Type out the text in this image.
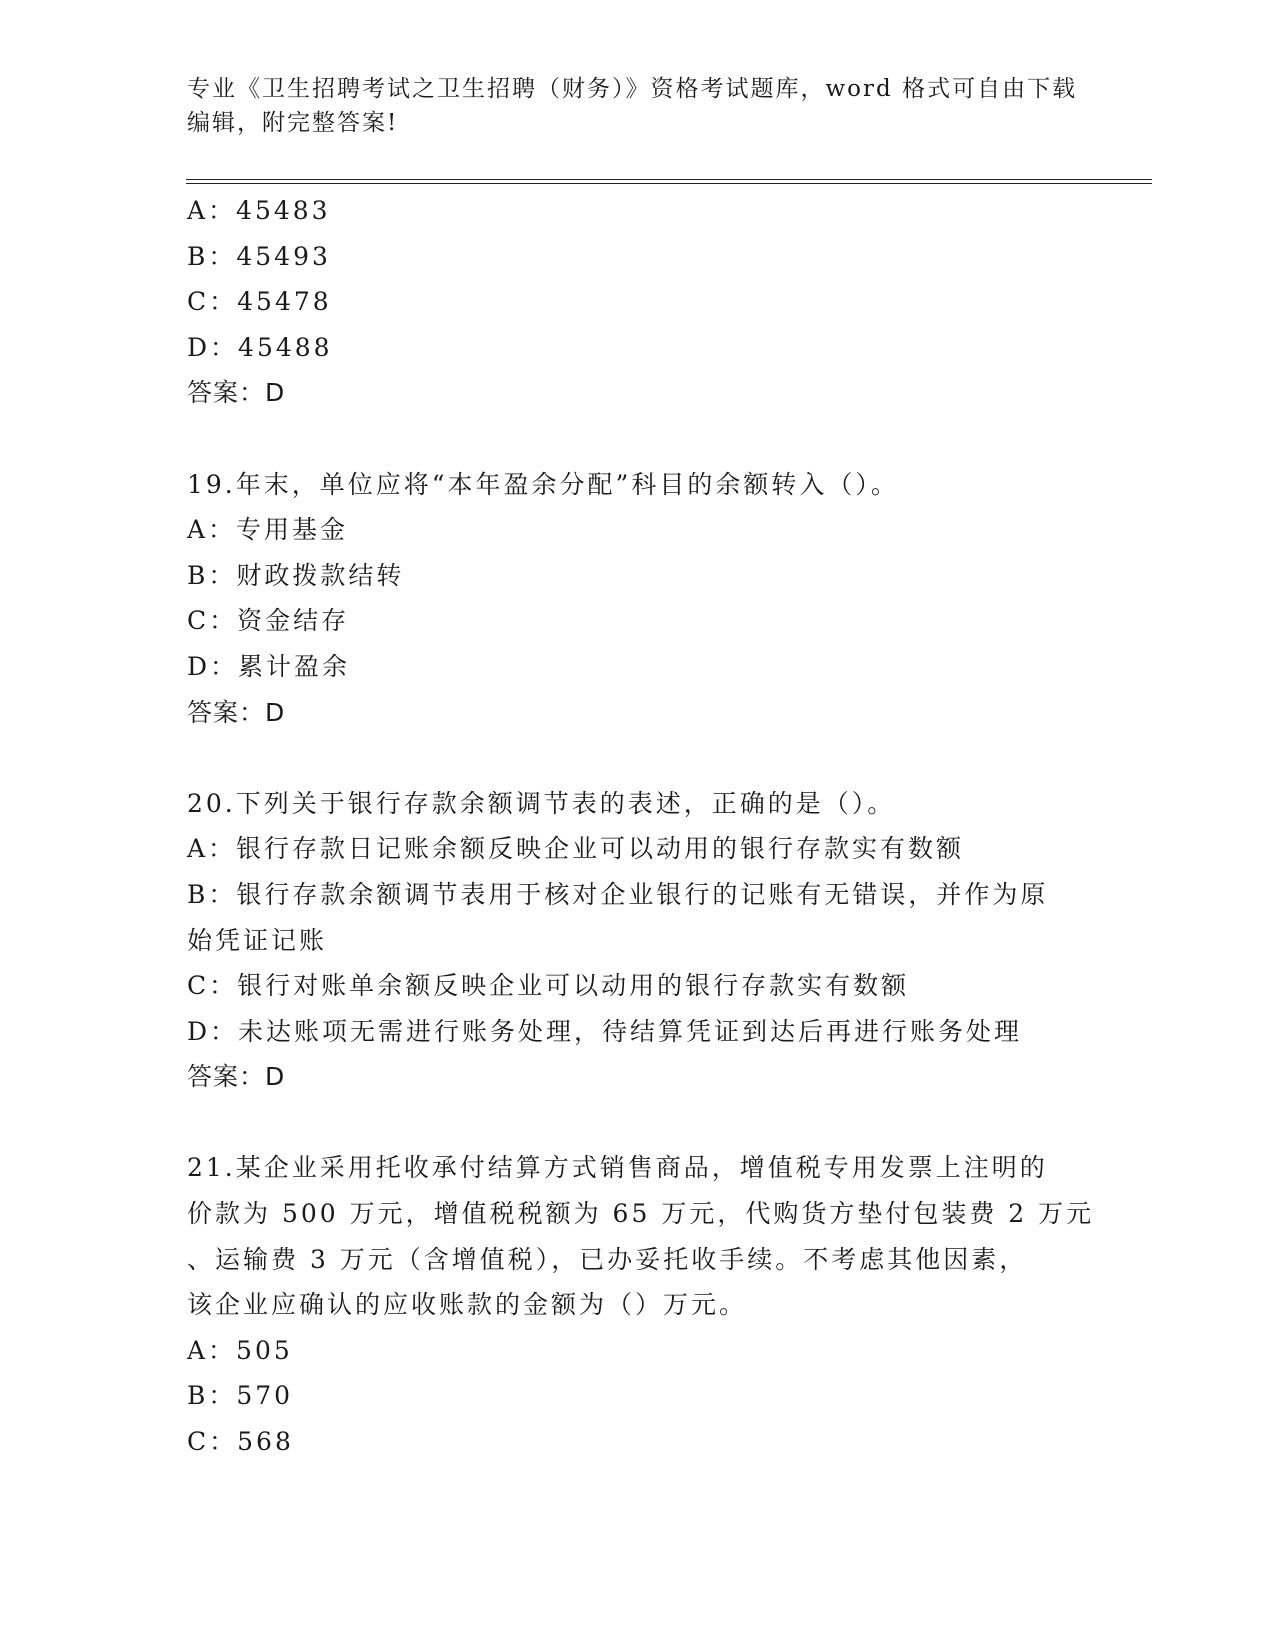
专业《卫生招聘考试之卫生招聘（财务）》资格考试题库，word 格式可自由下载
编辑，附完整答案!
A：45483
B：45493
C：45478
D：45488
答案：D
19.年末，单位应将“本年盈余分配”科目的余额转入（）。
A：专用基金
B：财政拨款结转
C：资金结存
D：累计盈余
答案：D
20.下列关于银行存款余额调节表的表述，正确的是（）。
A：银行存款日记账余额反映企业可以动用的银行存款实有数额
B：银行存款余额调节表用于核对企业银行的记账有无错误，并作为原
始凭证记账
C：银行对账单余额反映企业可以动用的银行存款实有数额
D：未达账项无需进行账务处理，待结算凭证到达后再进行账务处理
答案：D
21.某企业采用托收承付结算方式销售商品，增值税专用发票上注明的
价款为 500 万元，增值税税额为 65 万元，代购货方垫付包装费 2 万元
、运输费 3 万元（含增值税），已办妥托收手续。不考虑其他因素，
该企业应确认的应收账款的金额为（）万元。
A：505
B：570
C：568
